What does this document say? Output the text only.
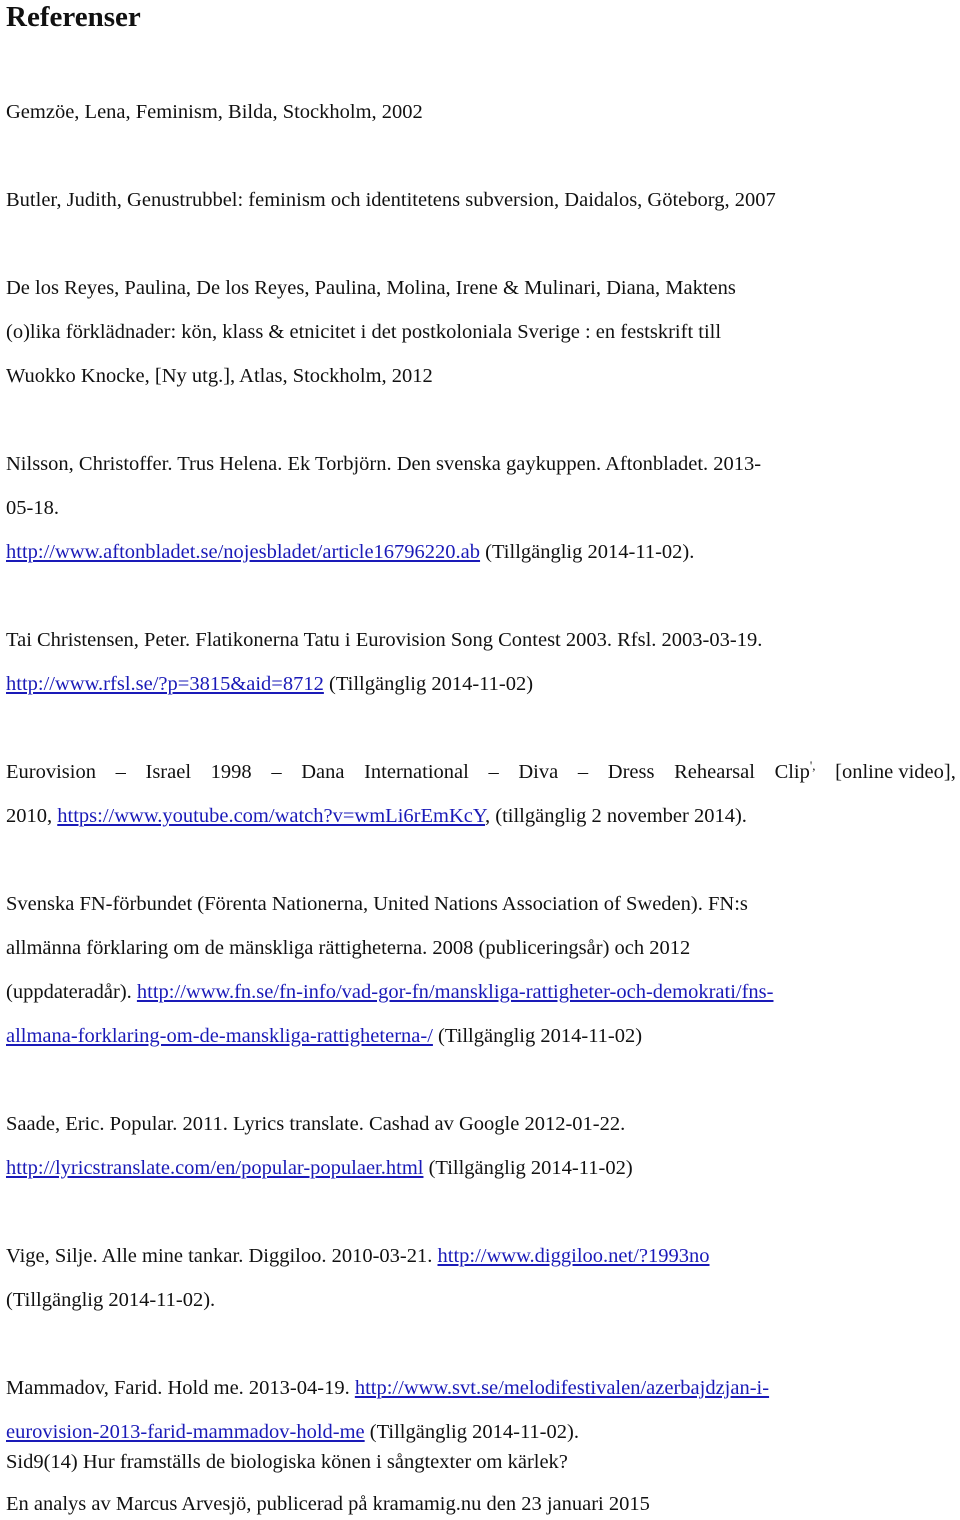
Referenser
Gemzöe, Lena, Feminism, Bilda, Stockholm, 2002
Butler, Judith, Genustrubbel: feminism och identitetens subversion, Daidalos, Göteborg, 2007
De los Reyes, Paulina, De los Reyes, Paulina, Molina, Irene & Mulinari, Diana, Maktens
(o)lika förklädnader: kön, klass & etnicitet i det postkoloniala Sverige : en festskrift till
Wuokko Knocke, [Ny utg.], Atlas, Stockholm, 2012
Nilsson, Christoffer. Trus Helena. Ek Torbjörn. Den svenska gaykuppen. Aftonbladet. 2013-
05-18.
http://www.aftonbladet.se/nojesbladet/article16796220.ab (Tillgänglig 2014-11-02).
Tai Christensen, Peter. Flatikonerna Tatu i Eurovision Song Contest 2003. Rfsl. 2003-03-19.
http://www.rfsl.se/?p=3815&aid=8712 (Tillgänglig 2014-11-02)
Eurovision – Israel 1998 – Dana International – Diva – Dress Rehearsal Clip', [online video],
2010, https://www.youtube.com/watch?v=wmLi6rEmKcY, (tillgänglig 2 november 2014).
Svenska FN-förbundet (Förenta Nationerna, United Nations Association of Sweden). FN:s
allmänna förklaring om de mänskliga rättigheterna. 2008 (publiceringsår) och 2012
(uppdateradår). http://www.fn.se/fn-info/vad-gor-fn/manskliga-rattigheter-och-demokrati/fns-
allmana-forklaring-om-de-manskliga-rattigheterna-/ (Tillgänglig 2014-11-02)
Saade, Eric. Popular. 2011. Lyrics translate. Cashad av Google 2012-01-22.
http://lyricstranslate.com/en/popular-populaer.html (Tillgänglig 2014-11-02)
Vige, Silje. Alle mine tankar. Diggiloo. 2010-03-21. http://www.diggiloo.net/?1993no
(Tillgänglig 2014-11-02).
Mammadov, Farid. Hold me. 2013-04-19. http://www.svt.se/melodifestivalen/azerbajdzjan-i-
eurovision-2013-farid-mammadov-hold-me (Tillgänglig 2014-11-02).
Sid9(14) Hur framställs de biologiska könen i sångtexter om kärlek?
En analys av Marcus Arvesjö, publicerad på kramamig.nu den 23 januari 2015
